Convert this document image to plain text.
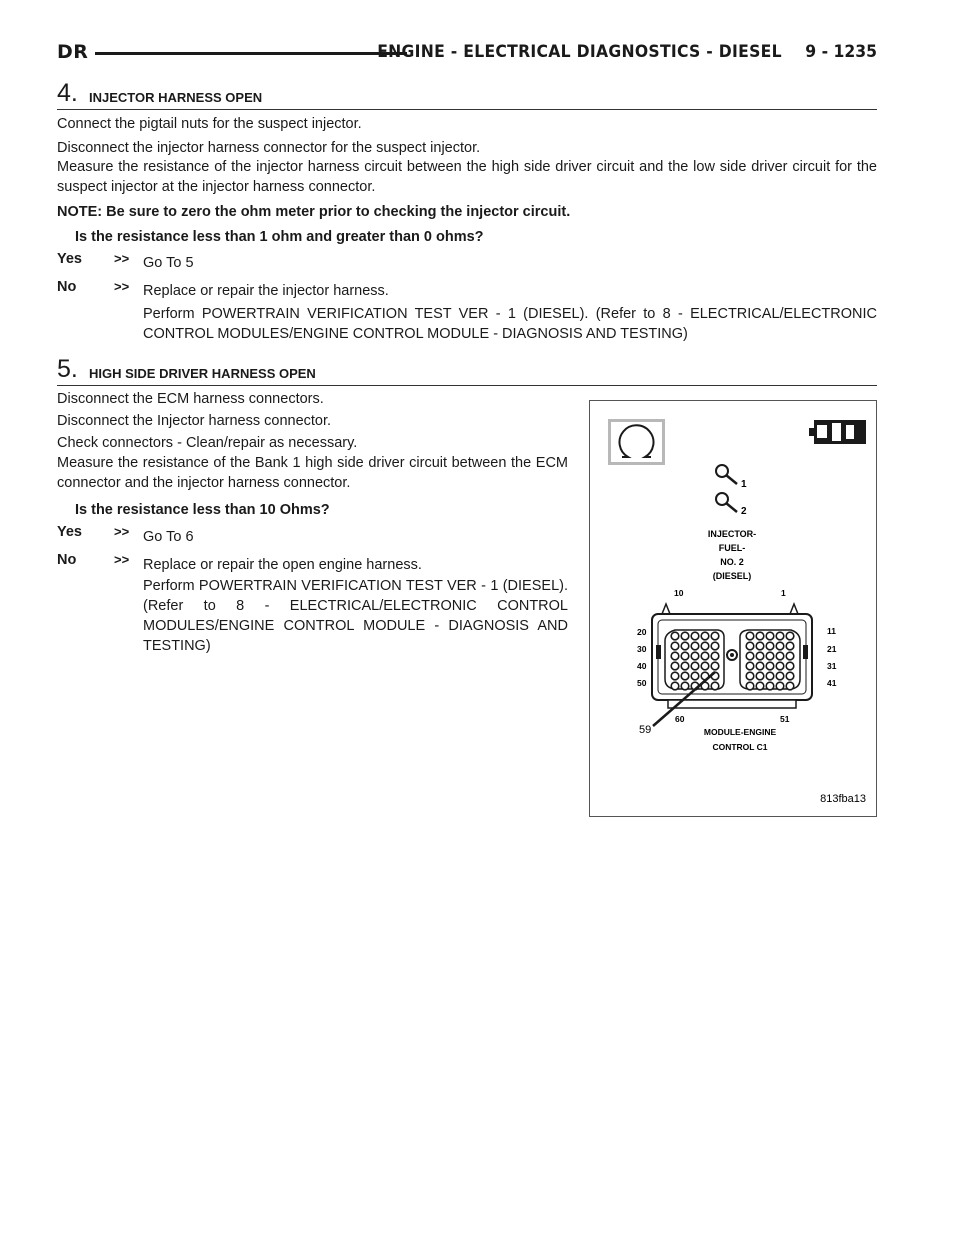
DR	ENGINE - ELECTRICAL DIAGNOSTICS - DIESEL 9 - 1235
4. INJECTOR HARNESS OPEN
Connect the pigtail nuts for the suspect injector.
Disconnect the injector harness connector for the suspect injector.
Measure the resistance of the injector harness circuit between the high side driver circuit and the low side driver circuit for the suspect injector at the injector harness connector.
NOTE: Be sure to zero the ohm meter prior to checking the injector circuit.
Is the resistance less than 1 ohm and greater than 0 ohms?
Yes >> Go To 5
No	>> Replace or repair the injector harness.
Perform POWERTRAIN VERIFICATION TEST VER - 1 (DIESEL). (Refer to 8 - ELECTRICAL/ELECTRONIC CONTROL MODULES/ENGINE CONTROL MODULE - DIAGNOSIS AND TESTING)
5. HIGH SIDE DRIVER HARNESS OPEN
Disconnect the ECM harness connectors.
Disconnect the Injector harness connector.
Check connectors - Clean/repair as necessary.
Measure the resistance of the Bank 1 high side driver circuit between the ECM connector and the injector harness connector.
Is the resistance less than 10 Ohms?
Yes >> Go To 6
No	>> Replace or repair the open engine harness.
Perform POWERTRAIN VERIFICATION TEST VER - 1 (DIESEL). (Refer to 8 - ELECTRICAL/ELECTRONIC CONTROL MODULES/ENGINE CONTROL MODULE - DIAGNOSIS AND TESTING)
1
2
INJECTOR-
FUEL-
NO. 2
(DIESEL)
10	1
20
30
40
50
11
21
31
41
60	51
59	MODULE-ENGINE
CONTROL C1
813fba13
